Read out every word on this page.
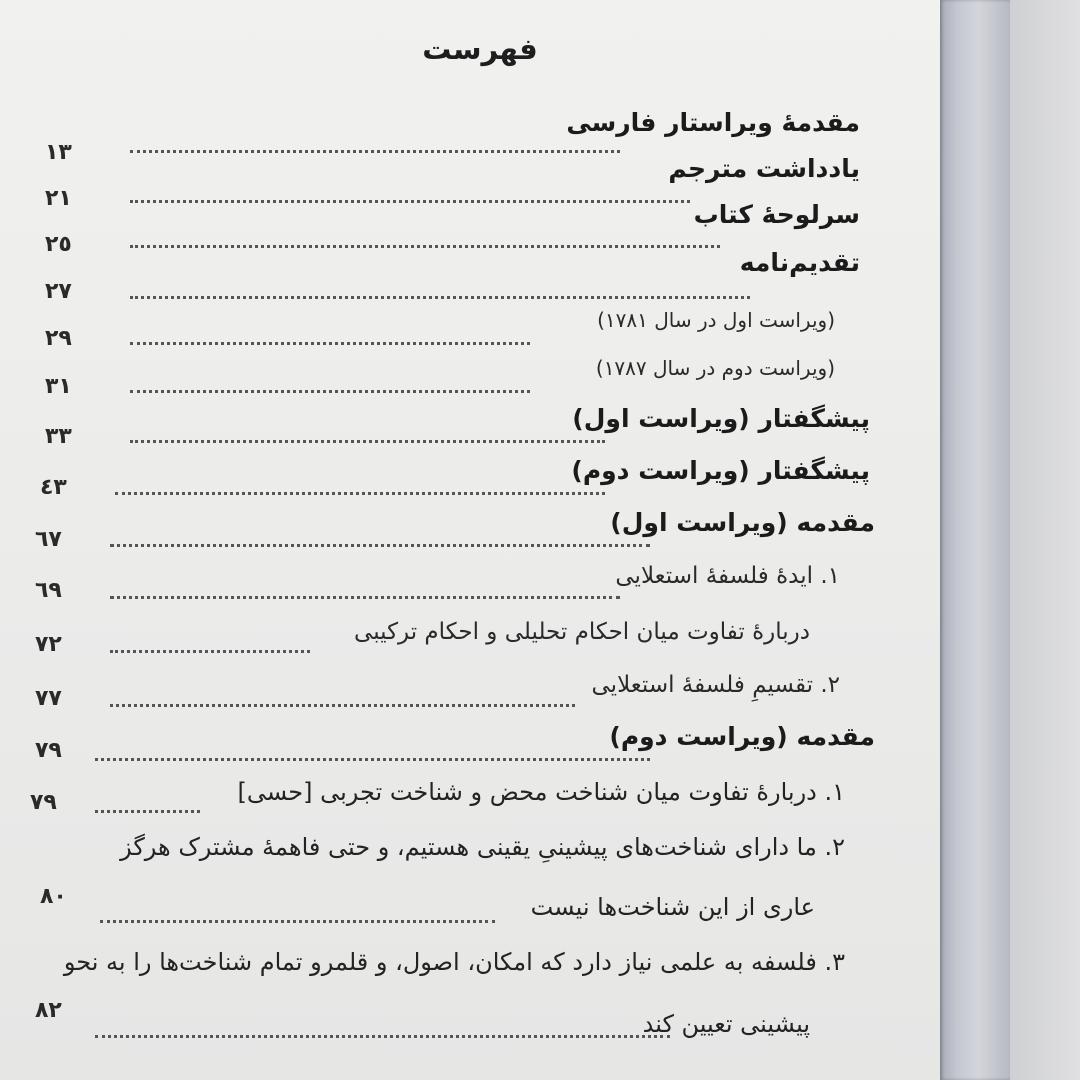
فهرست
مقدمهٔ ویراستار فارسی
١٣
یادداشت مترجم
٢١
سرلوحهٔ کتاب
٢٥
تقدیم‌نامه
٢٧
(ویراست اول در سال ١٧٨١)
٢٩
(ویراست دوم در سال ١٧٨٧)
٣١
پیشگفتار (ویراست اول)
٣٣
پیشگفتار (ویراست دوم)
٤٣
مقدمه (ویراست اول)
٦٧
١. ایدهٔ فلسفهٔ استعلایی
٦٩
دربارهٔ تفاوت میان احکام تحلیلی و احکام ترکیبی
٧٢
٢. تقسیمِ فلسفهٔ استعلایی
٧٧
مقدمه (ویراست دوم)
٧٩
١. دربارهٔ تفاوت میان شناخت محض و شناخت تجربی [حسی]
٧٩
٢. ما دارای شناخت‌های پیشینیِ یقینی هستیم، و حتی فاهمهٔ مشترک هرگز
عاری از این شناخت‌ها نیست
٨٠
٣. فلسفه به علمی نیاز دارد که امکان، اصول، و قلمرو تمام شناخت‌ها را به نحو
پیشینی تعیین کند
٨٢
